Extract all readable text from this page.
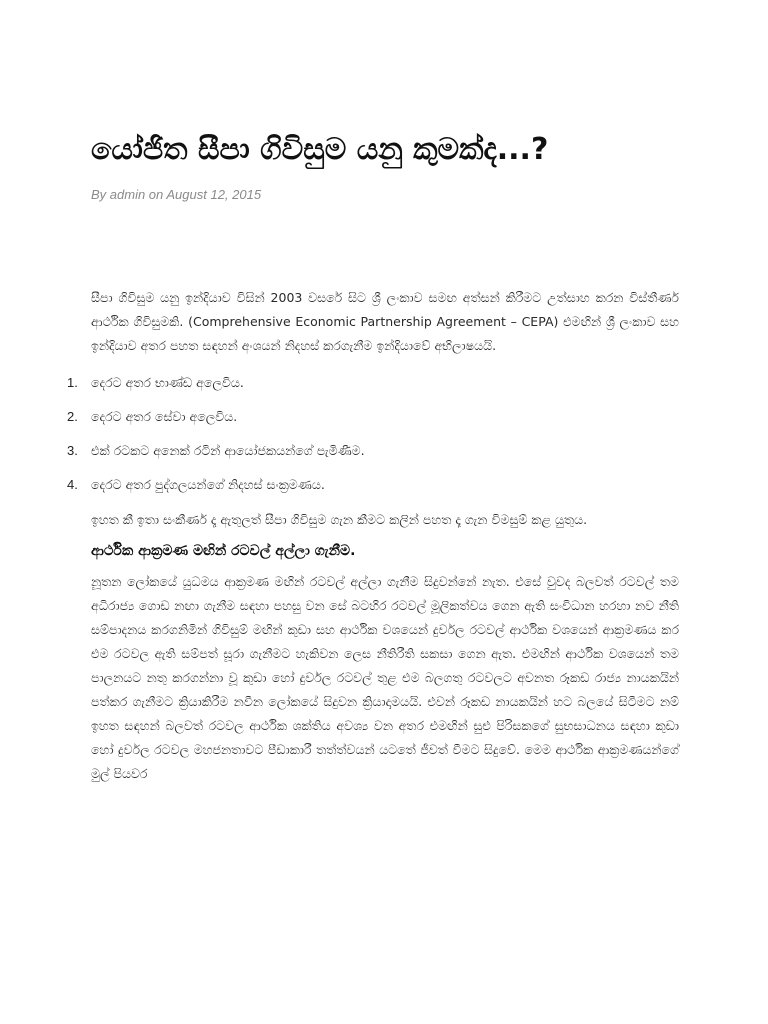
යෝජිත සීපා ගිවිසුම යනු කුමක්ද...?
By admin on August 12, 2015

සීපා ගිවිසුම යනු ඉන්දියාව විසින් 2003 වසරේ සිට ශ්‍රී ලංකාව සමඟ අත්සන් කිරීමට උත්සාහ කරන විස්තීර්ණ ආර්ථික ගිවිසුමකි. (Comprehensive Economic Partnership Agreement – CEPA) එමඟින් ශ්‍රී ලංකාව සහ ඉන්දියාව අතර පහත සඳහන් අංශයන් නිදහස් කරගැනීම ඉන්දියාවේ අභිලාෂයයි.

1. දෙරට අතර භාණ්ඩ අලෙවිය.
2. දෙරට අතර සේවා අලෙවිය.
3. එක් රටකට අනෙක් රටින් ආයෝජකයන්ගේ පැමිණීම.
4. දෙරට අතර පුද්ගලයන්ගේ නිදහස් සංක්‍රමණය.

ඉහත කී ඉතා සංකීර්ණ දෑ ඇතුලත් සීපා ගිවිසුම ගැන කීමට කලින් පහත දෑ ගැන විමසුම් කළ යුතුය.

ආර්ථික ආක්‍රමණ මඟින් රටවල් අල්ලා ගැනීම.

නූතන ලෝකයේ යුධමය ආක්‍රමණ මඟින් රටවල් අල්ලා ගැනීම සිදුවන්නේ නැත. එසේ වුවද බලවත් රටවල් තම අධිරාජ්‍ය ගොඩ නඟා ගැනීම සඳහා පහසු වන සේ බටහිර රටවල් මූලිකත්වය ගෙන ඇති සංවිධාන හරහා නව නීති සම්පාදනය කරගනිමින් ගිවිසුම් මඟින් කුඩා සහ ආර්ථික වශයෙන් දුර්වල රටවල් ආර්ථික වශයෙන් ආක්‍රමණය කර එම රටවල ඇති සම්පත් සූරා ගැනීමට හැකිවන ලෙස නීතිරීති සකසා ගෙන ඇත. එමඟින් ආර්ථික වශයෙන් තම පාලනයට නතු කරගන්නා වූ කුඩා හෝ දුර්වල රටවල් තුළ එම බලගතු රටවලට අවනත රූකඩ රාජ්‍ය නායකයින් පත්කර ගැනීමට ක්‍රියාකිරීම නවීන ලෝකයේ සිදුවන ක්‍රියාදාමයයි. එවන් රූකඩ නායකයින් හට බලයේ සිටීමට නම් ඉහත සඳහන් බලවත් රටවල ආර්ථික ශක්තිය අවශ්‍ය වන අතර එමඟින් සුළු පිරිසකගේ සුභසාධනය සඳහා කුඩා හෝ දුර්වල රටවල මහජනතාවට පීඩාකාරී තත්ත්වයන් යටතේ ජීවත් වීමට සිදුවේ. මෙම ආර්ථික ආක්‍රමණයන්ගේ මුල් පියවර
